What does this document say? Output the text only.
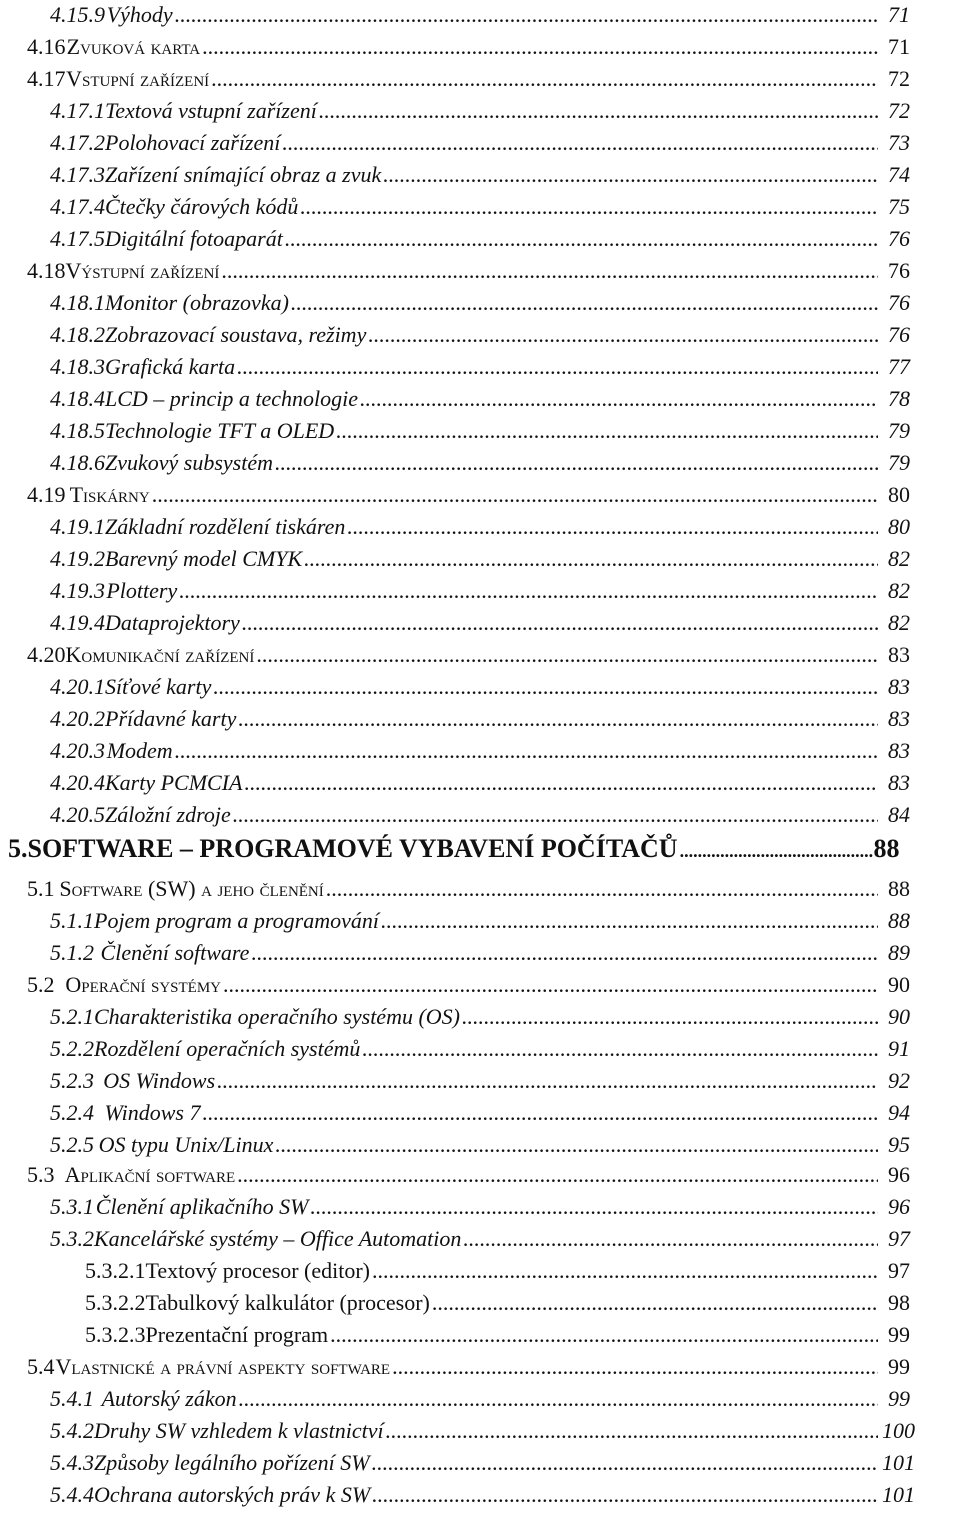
4.15.9 Výhody .....	71
4.16 Zvuková karta .....	71
4.17 Vstupní zařízení .....	72
4.17.1 Textová vstupní zařízení .....	72
4.17.2 Polohovací zařízení .....	73
4.17.3 Zařízení snímající obraz a zvuk .....	74
4.17.4 Čtečky čárových kódů .....	75
4.17.5 Digitální fotoaparát .....	76
4.18 Výstupní zařízení .....	76
4.18.1 Monitor (obrazovka) .....	76
4.18.2 Zobrazovací soustava, režimy .....	76
4.18.3 Grafická karta .....	77
4.18.4 LCD – princip a technologie .....	78
4.18.5 Technologie TFT a OLED .....	79
4.18.6 Zvukový subsystém .....	79
4.19 Tiskárny .....	80
4.19.1 Základní rozdělení tiskáren .....	80
4.19.2 Barevný model CMYK .....	82
4.19.3 Plottery .....	82
4.19.4 Dataprojektory .....	82
4.20 Komunikační zařízení .....	83
4.20.1 Síťové karty .....	83
4.20.2 Přídavné karty .....	83
4.20.3 Modem .....	83
4.20.4 Karty PCMCIA .....	83
4.20.5 Záložní zdroje .....	84
5. SOFTWARE – PROGRAMOVÉ VYBAVENÍ POČÍTAČŮ .....	88
5.1 Software (SW) a jeho členění .....	88
5.1.1 Pojem program a programování .....	88
5.1.2 Členění software .....	89
5.2 Operační systémy .....	90
5.2.1 Charakteristika operačního systému (OS) .....	90
5.2.2 Rozdělení operačních systémů .....	91
5.2.3 OS Windows .....	92
5.2.4 Windows 7 .....	94
5.2.5 OS typu Unix/Linux .....	95
5.3 Aplikační software .....	96
5.3.1 Členění aplikačního SW .....	96
5.3.2 Kancelářské systémy – Office Automation .....	97
5.3.2.1 Textový procesor (editor) .....	97
5.3.2.2 Tabulkový kalkulátor (procesor) .....	98
5.3.2.3 Prezentační program .....	99
5.4 Vlastnické a právní aspekty software .....	99
5.4.1 Autorský zákon .....	99
5.4.2 Druhy SW vzhledem k vlastnictví .....	100
5.4.3 Způsoby legálního pořízení SW .....	101
5.4.4 Ochrana autorských práv k SW .....	101
